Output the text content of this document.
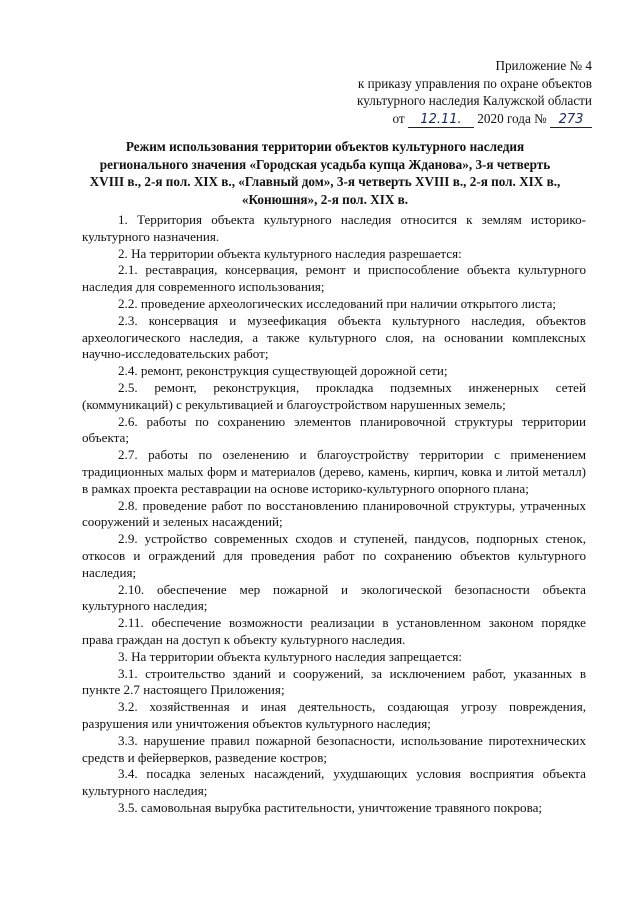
Приложение № 4
к приказу управления по охране объектов
культурного наследия Калужской области
от 12.11. 2020 года № 273
Режим использования территории объектов культурного наследия
регионального значения «Городская усадьба купца Жданова», 3-я четверть
XVIII в., 2-я пол. XIX в., «Главный дом», 3-я четверть XVIII в., 2-я пол. XIX в.,
«Конюшня», 2-я пол. XIX в.

1. Территория объекта культурного наследия относится к землям историко-культурного назначения.

2. На территории объекта культурного наследия разрешается:

2.1. реставрация, консервация, ремонт и приспособление объекта культурного наследия для современного использования;

2.2. проведение археологических исследований при наличии открытого листа;

2.3. консервация и музеефикация объекта культурного наследия, объектов археологического наследия, а также культурного слоя, на основании комплексных научно-исследовательских работ;

2.4. ремонт, реконструкция существующей дорожной сети;

2.5. ремонт, реконструкция, прокладка подземных инженерных сетей (коммуникаций) с рекультивацией и благоустройством нарушенных земель;

2.6. работы по сохранению элементов планировочной структуры территории объекта;

2.7. работы по озеленению и благоустройству территории с применением традиционных малых форм и материалов (дерево, камень, кирпич, ковка и литой металл) в рамках проекта реставрации на основе историко-культурного опорного плана;

2.8. проведение работ по восстановлению планировочной структуры, утраченных сооружений и зеленых насаждений;

2.9. устройство современных сходов и ступеней, пандусов, подпорных стенок, откосов и ограждений для проведения работ по сохранению объектов культурного наследия;

2.10. обеспечение мер пожарной и экологической безопасности объекта культурного наследия;

2.11. обеспечение возможности реализации в установленном законом порядке права граждан на доступ к объекту культурного наследия.

3. На территории объекта культурного наследия запрещается:

3.1. строительство зданий и сооружений, за исключением работ, указанных в пункте 2.7 настоящего Приложения;

3.2. хозяйственная и иная деятельность, создающая угрозу повреждения, разрушения или уничтожения объектов культурного наследия;

3.3. нарушение правил пожарной безопасности, использование пиротехнических средств и фейерверков, разведение костров;

3.4. посадка зеленых насаждений, ухудшающих условия восприятия объекта культурного наследия;

3.5. самовольная вырубка растительности, уничтожение травяного покрова;
